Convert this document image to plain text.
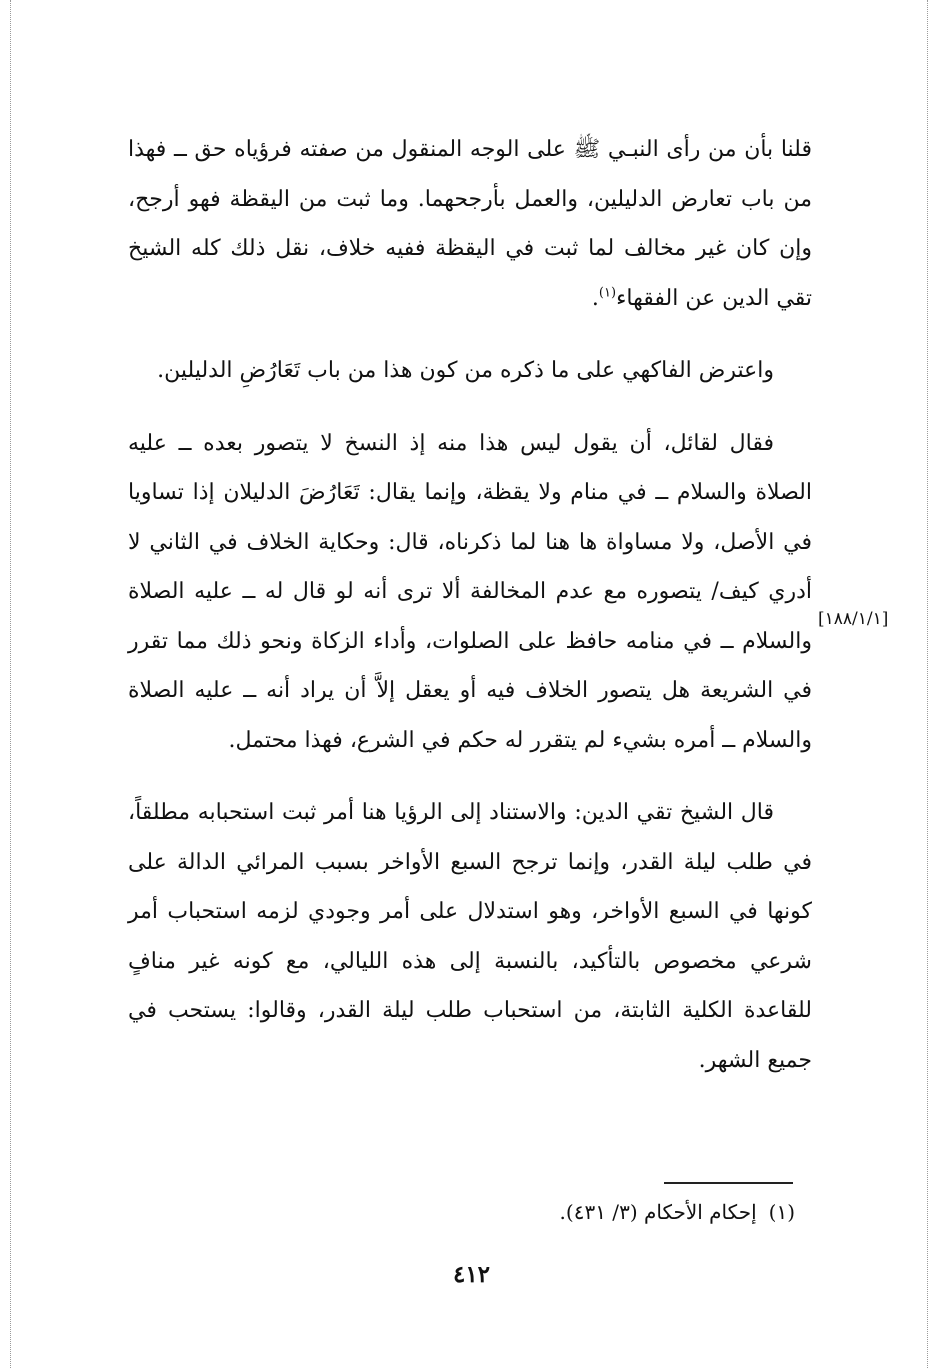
قلنا بأن من رأى النبـي ﷺ على الوجه المنقول من صفته فرؤياه حق ــ فهذا من باب تعارض الدليلين، والعمل بأرجحهما. وما ثبت من اليقظة فهو أرجح، وإن كان غير مخالف لما ثبت في اليقظة ففيه خلاف، نقل ذلك كله الشيخ تقي الدين عن الفقهاء$^{(١)}$.

واعترض الفاكهي على ما ذكره من كون هذا من باب تَعَارُضِ الدليلين.

فقال لقائل، أن يقول ليس هذا منه إذ النسخ لا يتصور بعده ــ عليه الصلاة والسلام ــ في منام ولا يقظة، وإنما يقال: تَعَارُضَ الدليلان إذا تساويا في الأصل، ولا مساواة ها هنا لما ذكرناه، قال: وحكاية الخلاف في الثاني لا أدري كيف/ يتصوره مع عدم المخالفة ألا ترى أنه لو قال له ــ عليه الصلاة والسلام ــ في منامه حافظ على الصلوات، وأداء الزكاة ونحو ذلك مما تقرر في الشريعة هل يتصور الخلاف فيه أو يعقل إلاَّ أن يراد أنه ــ عليه الصلاة والسلام ــ أمره بشيء لم يتقرر له حكم في الشرع، فهذا محتمل.

قال الشيخ تقي الدين: والاستناد إلى الرؤيا هنا أمر ثبت استحبابه مطلقاً، في طلب ليلة القدر، وإنما ترجح السبع الأواخر بسبب المرائي الدالة على كونها في السبع الأواخر، وهو استدلال على أمر وجودي لزمه استحباب أمر شرعي مخصوص بالتأكيد، بالنسبة إلى هذه الليالي، مع كونه غير منافٍ للقاعدة الكلية الثابتة، من استحباب طلب ليلة القدر، وقالوا: يستحب في جميع الشهر.

[١٨٨/١/١]
(١)إحكام الأحكام (٣/ ٤٣١).
٤١٢
